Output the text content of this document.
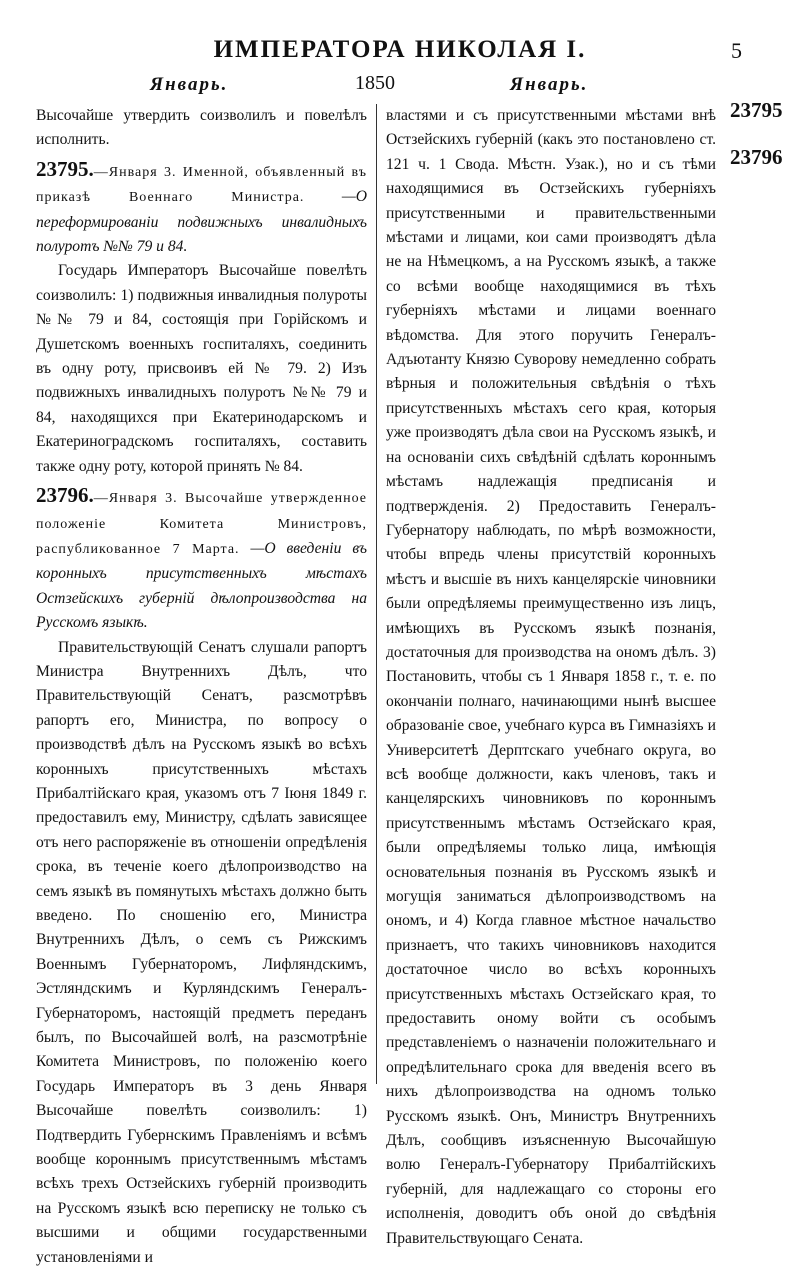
ИМПЕРАТОРА НИКОЛАЯ I.	5
Январь.	1850	Январь.

Высочайше утвердить соизволилъ и повелѣлъ исполнить.

23795.—Января 3. Именной, объявленный въ приказѣ Военнаго Министра. —О переформированіи подвижныхъ инвалидныхъ полуротъ №№ 79 и 84.

Государь Императоръ Высочайше повелѣть соизволилъ: 1) подвижныя инвалидныя полуроты №№ 79 и 84, состоящія при Горійскомъ и Душетскомъ военныхъ госпиталяхъ, соединить въ одну роту, присвоивъ ей № 79. 2) Изъ подвижныхъ инвалидныхъ полуротъ №№ 79 и 84, находящихся при Екатеринодарскомъ и Екатериноградскомъ госпиталяхъ, составить также одну роту, которой принять № 84.

23796.—Января 3. Высочайше утвержденное положеніе Комитета Министровъ, распубликованное 7 Марта. —О введеніи въ коронныхъ присутственныхъ мѣстахъ Остзейскихъ губерній дѣлопроизводства на Русскомъ языкѣ.

Правительствующій Сенатъ слушали рапортъ Министра Внутреннихъ Дѣлъ, что Правительствующій Сенатъ, разсмотрѣвъ рапортъ его, Министра, по вопросу о производствѣ дѣлъ на Русскомъ языкѣ во всѣхъ коронныхъ присутственныхъ мѣстахъ Прибалтійскаго края, указомъ отъ 7 Іюня 1849 г. предоставилъ ему, Министру, сдѣлать зависящее отъ него распоряженіе въ отношеніи опредѣленія срока, въ теченіе коего дѣлопроизводство на семъ языкѣ въ помянутыхъ мѣстахъ должно быть введено. По сношенію его, Министра Внутреннихъ Дѣлъ, о семъ съ Рижскимъ Военнымъ Губернаторомъ, Лифляндскимъ, Эстляндскимъ и Курляндскимъ Генералъ-Губернаторомъ, настоящій предметъ переданъ былъ, по Высочайшей волѣ, на разсмотрѣніе Комитета Министровъ, по положенію коего Государь Императоръ въ 3 день Января Высочайше повелѣть соизволилъ: 1) Подтвердить Губернскимъ Правленіямъ и всѣмъ вообще короннымъ присутственнымъ мѣстамъ всѣхъ трехъ Остзейскихъ губерній производить на Русскомъ языкѣ всю переписку не только съ высшими и общими государственными установленіями и

властями и съ присутственными мѣстами внѣ Остзейскихъ губерній (какъ это постановлено ст. 121 ч. 1 Свода. Мѣстн. Узак.), но и съ тѣми находящимися въ Остзейскихъ губерніяхъ присутственными и правительственными мѣстами и лицами, кои сами производятъ дѣла не на Нѣмецкомъ, а на Русскомъ языкѣ, а также со всѣми вообще находящимися въ тѣхъ губерніяхъ мѣстами и лицами военнаго вѣдомства. Для этого поручить Генералъ-Адъютанту Князю Суворову немедленно собрать вѣрныя и положительныя свѣдѣнія о тѣхъ присутственныхъ мѣстахъ сего края, которыя уже производятъ дѣла свои на Русскомъ языкѣ, и на основаніи сихъ свѣдѣній сдѣлать короннымъ мѣстамъ надлежащія предписанія и подтвержденія. 2) Предоставить Генералъ-Губернатору наблюдать, по мѣрѣ возможности, чтобы впредь члены присутствій коронныхъ мѣстъ и высшіе въ нихъ канцелярскіе чиновники были опредѣляемы преимущественно изъ лицъ, имѣющихъ въ Русскомъ языкѣ познанія, достаточныя для производства на ономъ дѣлъ. 3) Постановить, чтобы съ 1 Января 1858 г., т. е. по окончаніи полнаго, начинающими нынѣ высшее образованіе свое, учебнаго курса въ Гимназіяхъ и Университетѣ Дерптскаго учебнаго округа, во всѣ вообще должности, какъ членовъ, такъ и канцелярскихъ чиновниковъ по короннымъ присутственнымъ мѣстамъ Остзейскаго края, были опредѣляемы только лица, имѣющія основательныя познанія въ Русскомъ языкѣ и могущія заниматься дѣлопроизводствомъ на ономъ, и 4) Когда главное мѣстное начальство признаетъ, что такихъ чиновниковъ находится достаточное число во всѣхъ коронныхъ присутственныхъ мѣстахъ Остзейскаго края, то предоставить оному войти съ особымъ представленіемъ о назначеніи положительнаго и опредѣлительнаго срока для введенія всего въ нихъ дѣлопроизводства на одномъ только Русскомъ языкѣ. Онъ, Министръ Внутреннихъ Дѣлъ, сообщивъ изъясненную Высочайшую волю Генералъ-Губернатору Прибалтійскихъ губерній, для надлежащаго со стороны его исполненія, доводитъ объ оной до свѣдѣнія Правительствующаго Сената.

23795
23796
